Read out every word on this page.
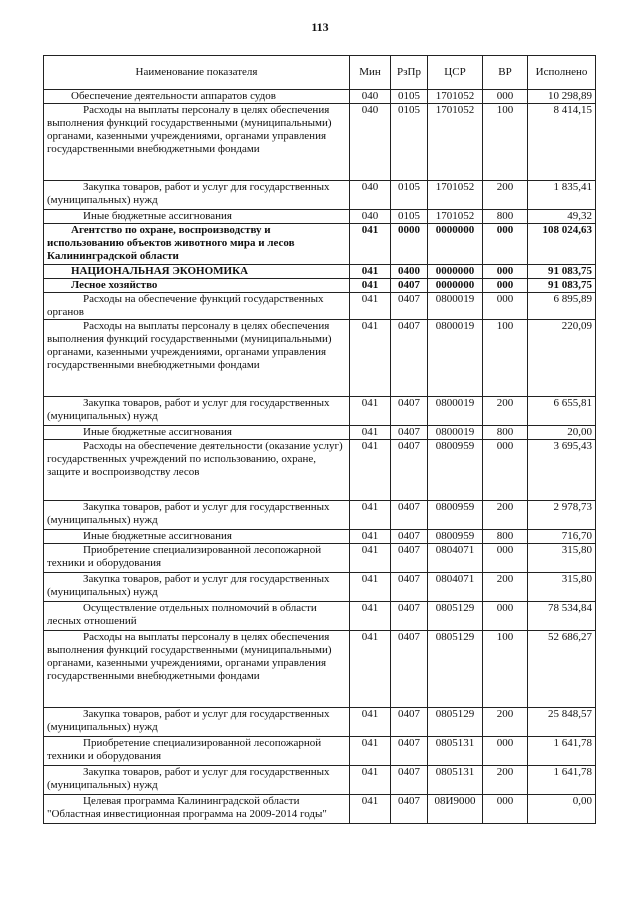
113
Наименование показателя	Мин	РзПр	ЦСР	ВР	Исполнено
Обеспечение деятельности аппаратов судов	040	0105	1701052	000	10 298,89
Расходы на выплаты персоналу в целях обеспечения выполнения функций государственными (муниципальными) органами, казенными учреждениями, органами управления государственными внебюджетными фондами	040	0105	1701052	100	8 414,15
Закупка товаров, работ и услуг для государственных (муниципальных) нужд	040	0105	1701052	200	1 835,41
Иные бюджетные ассигнования	040	0105	1701052	800	49,32
Агентство по охране, воспроизводству и использованию объектов животного мира и лесов Калининградской области	041	0000	0000000	000	108 024,63
НАЦИОНАЛЬНАЯ ЭКОНОМИКА	041	0400	0000000	000	91 083,75
Лесное хозяйство	041	0407	0000000	000	91 083,75
Расходы на обеспечение функций государственных органов	041	0407	0800019	000	6 895,89
Расходы на выплаты персоналу в целях обеспечения выполнения функций государственными (муниципальными) органами, казенными учреждениями, органами управления государственными внебюджетными фондами	041	0407	0800019	100	220,09
Закупка товаров, работ и услуг для государственных (муниципальных) нужд	041	0407	0800019	200	6 655,81
Иные бюджетные ассигнования	041	0407	0800019	800	20,00
Расходы на обеспечение деятельности (оказание услуг) государственных учреждений по использованию, охране, защите и воспроизводству лесов	041	0407	0800959	000	3 695,43
Закупка товаров, работ и услуг для государственных (муниципальных) нужд	041	0407	0800959	200	2 978,73
Иные бюджетные ассигнования	041	0407	0800959	800	716,70
Приобретение специализированной лесопожарной техники и оборудования	041	0407	0804071	000	315,80
Закупка товаров, работ и услуг для государственных (муниципальных) нужд	041	0407	0804071	200	315,80
Осуществление отдельных полномочий в области лесных отношений	041	0407	0805129	000	78 534,84
Расходы на выплаты персоналу в целях обеспечения выполнения функций государственными (муниципальными) органами, казенными учреждениями, органами управления государственными внебюджетными фондами	041	0407	0805129	100	52 686,27
Закупка товаров, работ и услуг для государственных (муниципальных) нужд	041	0407	0805129	200	25 848,57
Приобретение специализированной лесопожарной техники и оборудования	041	0407	0805131	000	1 641,78
Закупка товаров, работ и услуг для государственных (муниципальных) нужд	041	0407	0805131	200	1 641,78
Целевая программа Калининградской области "Областная инвестиционная программа на 2009-2014 годы"	041	0407	08И9000	000	0,00
